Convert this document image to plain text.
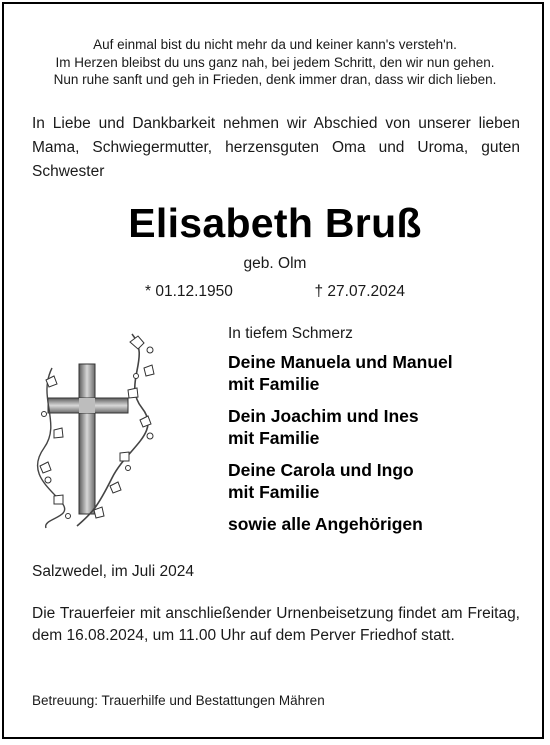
Auf einmal bist du nicht mehr da und keiner kann's versteh'n.
Im Herzen bleibst du uns ganz nah, bei jedem Schritt, den wir nun gehen.
Nun ruhe sanft und geh in Frieden, denk immer dran, dass wir dich lieben.
In Liebe und Dankbarkeit nehmen wir Abschied von unserer lieben Mama, Schwiegermutter, herzensguten Oma und Uroma, guten Schwester
Elisabeth Bruß
geb. Olm
* 01.12.1950	† 27.07.2024
In tiefem Schmerz
Deine Manuela und Manuel
mit Familie
Dein Joachim und Ines
mit Familie
Deine Carola und Ingo
mit Familie
sowie alle Angehörigen
Salzwedel, im Juli 2024
Die Trauerfeier mit anschließender Urnenbeisetzung findet am Freitag, dem 16.08.2024, um 11.00 Uhr auf dem Perver Friedhof statt.
Betreuung: Trauerhilfe und Bestattungen Mähren
